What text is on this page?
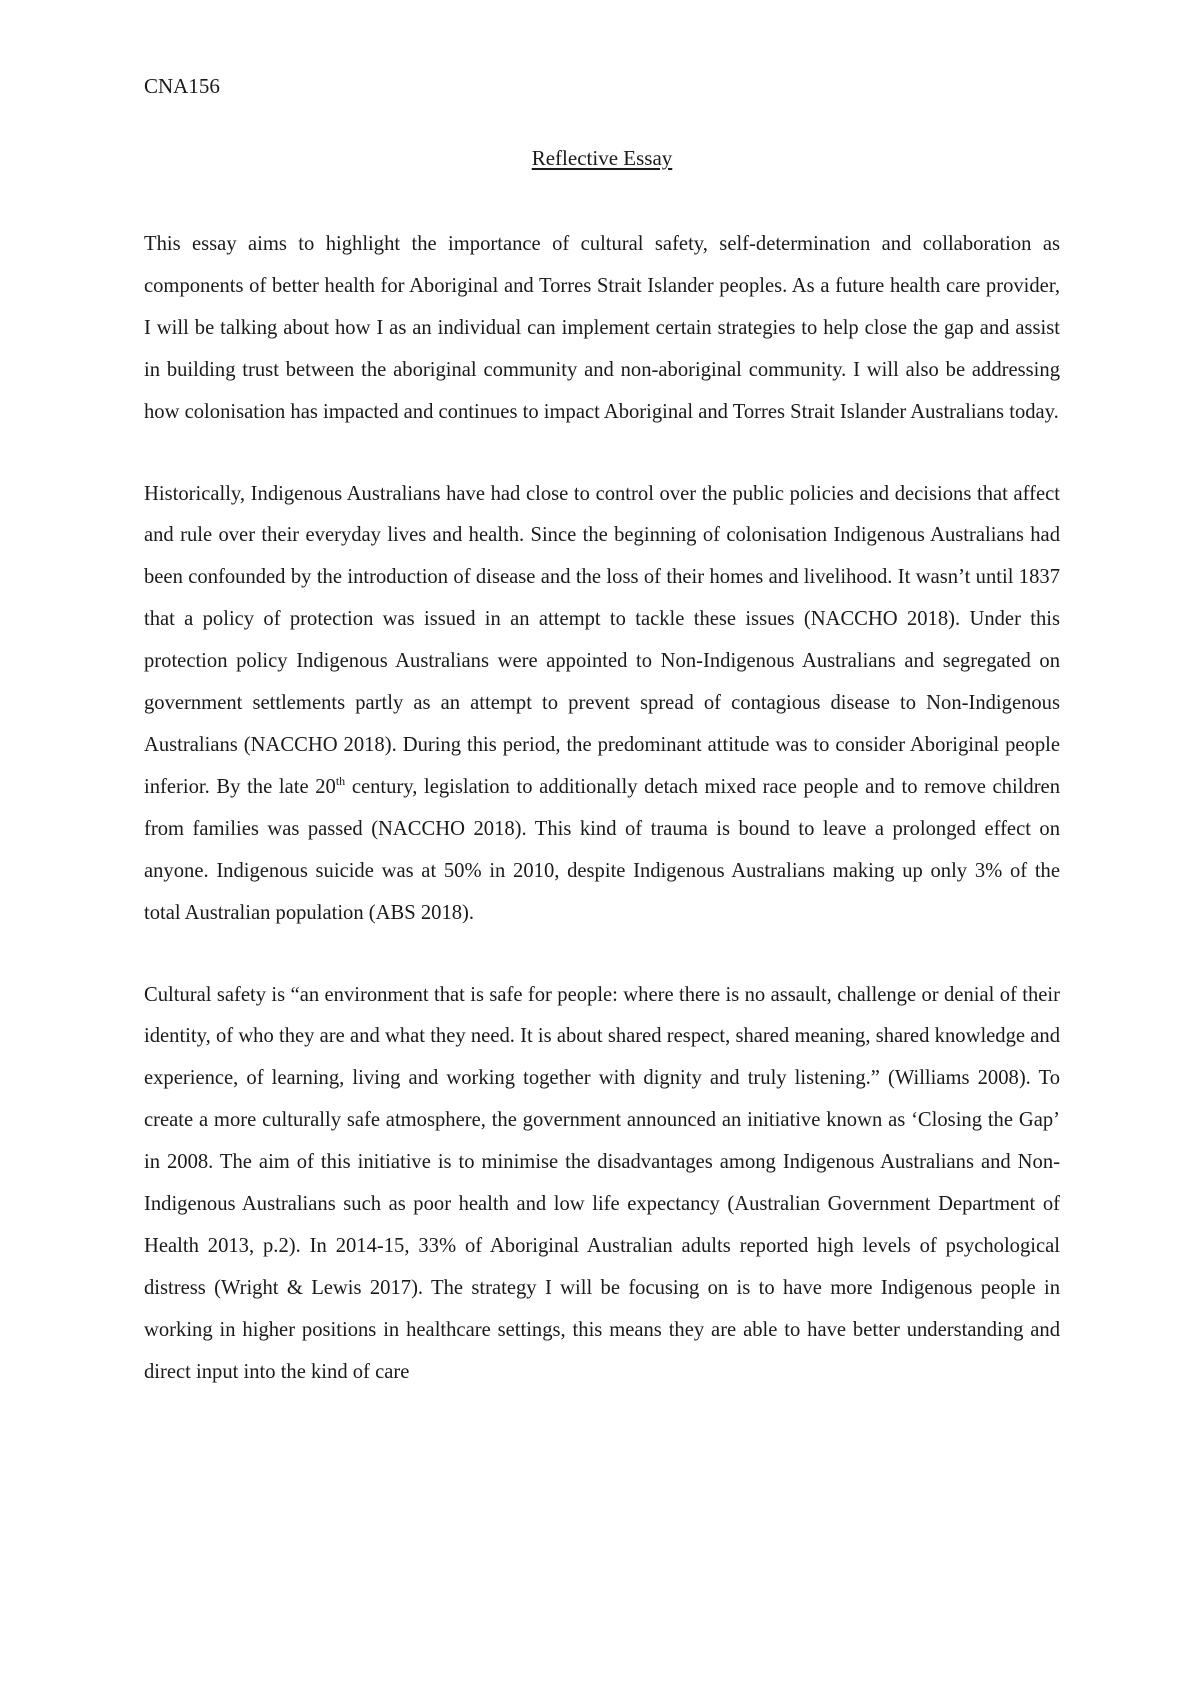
CNA156
Reflective Essay

This essay aims to highlight the importance of cultural safety, self-determination and collaboration as components of better health for Aboriginal and Torres Strait Islander peoples. As a future health care provider, I will be talking about how I as an individual can implement certain strategies to help close the gap and assist in building trust between the aboriginal community and non-aboriginal community. I will also be addressing how colonisation has impacted and continues to impact Aboriginal and Torres Strait Islander Australians today.

Historically, Indigenous Australians have had close to control over the public policies and decisions that affect and rule over their everyday lives and health. Since the beginning of colonisation Indigenous Australians had been confounded by the introduction of disease and the loss of their homes and livelihood. It wasn’t until 1837 that a policy of protection was issued in an attempt to tackle these issues (NACCHO 2018). Under this protection policy Indigenous Australians were appointed to Non-Indigenous Australians and segregated on government settlements partly as an attempt to prevent spread of contagious disease to Non-Indigenous Australians (NACCHO 2018). During this period, the predominant attitude was to consider Aboriginal people inferior. By the late 20th century, legislation to additionally detach mixed race people and to remove children from families was passed (NACCHO 2018). This kind of trauma is bound to leave a prolonged effect on anyone. Indigenous suicide was at 50% in 2010, despite Indigenous Australians making up only 3% of the total Australian population (ABS 2018).

Cultural safety is “an environment that is safe for people: where there is no assault, challenge or denial of their identity, of who they are and what they need. It is about shared respect, shared meaning, shared knowledge and experience, of learning, living and working together with dignity and truly listening.” (Williams 2008). To create a more culturally safe atmosphere, the government announced an initiative known as ‘Closing the Gap’ in 2008. The aim of this initiative is to minimise the disadvantages among Indigenous Australians and Non-Indigenous Australians such as poor health and low life expectancy (Australian Government Department of Health 2013, p.2). In 2014-15, 33% of Aboriginal Australian adults reported high levels of psychological distress (Wright & Lewis 2017). The strategy I will be focusing on is to have more Indigenous people in working in higher positions in healthcare settings, this means they are able to have better understanding and direct input into the kind of care
